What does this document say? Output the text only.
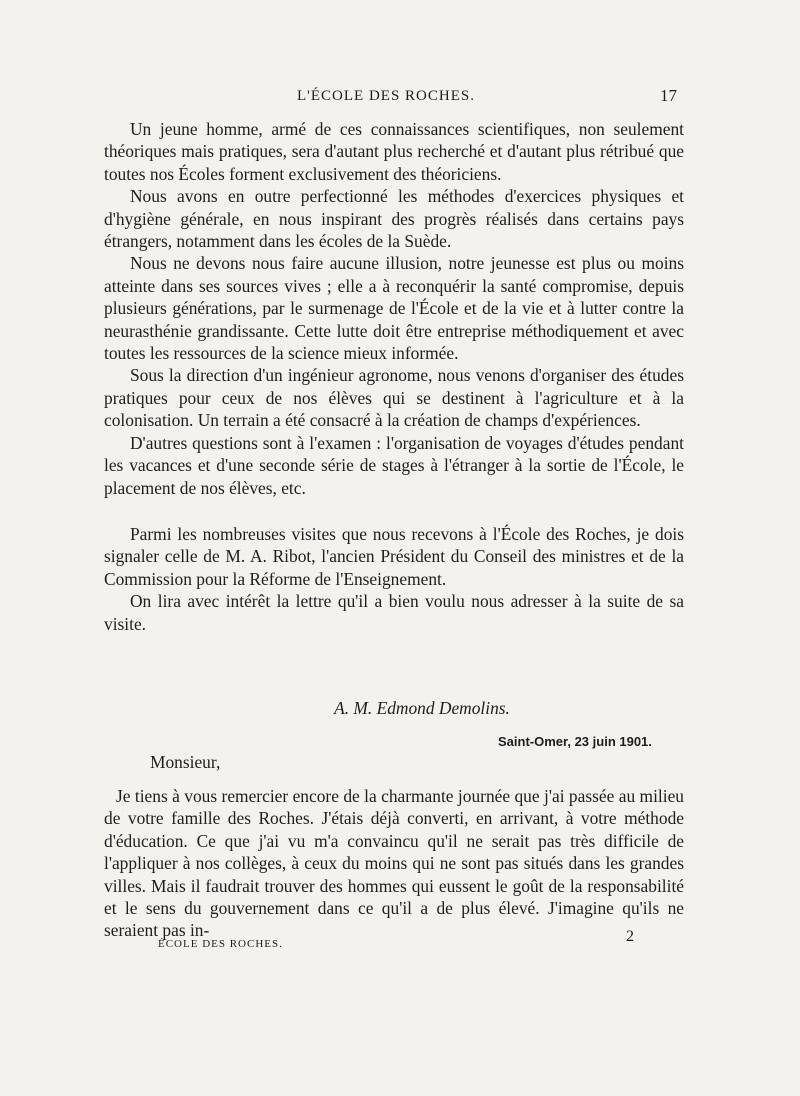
L'ÉCOLE DES ROCHES.	17

Un jeune homme, armé de ces connaissances scientifiques, non seulement théoriques mais pratiques, sera d'autant plus recherché et d'autant plus rétribué que toutes nos Écoles forment exclusivement des théoriciens.

Nous avons en outre perfectionné les méthodes d'exercices physiques et d'hygiène générale, en nous inspirant des progrès réalisés dans certains pays étrangers, notamment dans les écoles de la Suède.

Nous ne devons nous faire aucune illusion, notre jeunesse est plus ou moins atteinte dans ses sources vives ; elle a à reconquérir la santé compromise, depuis plusieurs générations, par le surmenage de l'École et de la vie et à lutter contre la neurasthénie grandissante. Cette lutte doit être entreprise méthodiquement et avec toutes les ressources de la science mieux informée.

Sous la direction d'un ingénieur agronome, nous venons d'organiser des études pratiques pour ceux de nos élèves qui se destinent à l'agriculture et à la colonisation. Un terrain a été consacré à la création de champs d'expériences.

D'autres questions sont à l'examen : l'organisation de voyages d'études pendant les vacances et d'une seconde série de stages à l'étranger à la sortie de l'École, le placement de nos élèves, etc.

Parmi les nombreuses visites que nous recevons à l'École des Roches, je dois signaler celle de M. A. Ribot, l'ancien Président du Conseil des ministres et de la Commission pour la Réforme de l'Enseignement.

On lira avec intérêt la lettre qu'il a bien voulu nous adresser à la suite de sa visite.

A. M. Edmond Demolins.
Saint-Omer, 23 juin 1901.
Monsieur,

Je tiens à vous remercier encore de la charmante journée que j'ai passée au milieu de votre famille des Roches. J'étais déjà converti, en arrivant, à votre méthode d'éducation. Ce que j'ai vu m'a convaincu qu'il ne serait pas très difficile de l'appliquer à nos collèges, à ceux du moins qui ne sont pas situés dans les grandes villes. Mais il faudrait trouver des hommes qui eussent le goût de la responsabilité et le sens du gouvernement dans ce qu'il a de plus élevé. J'imagine qu'ils ne seraient pas in-

ÉCOLE DES ROCHES.	2
